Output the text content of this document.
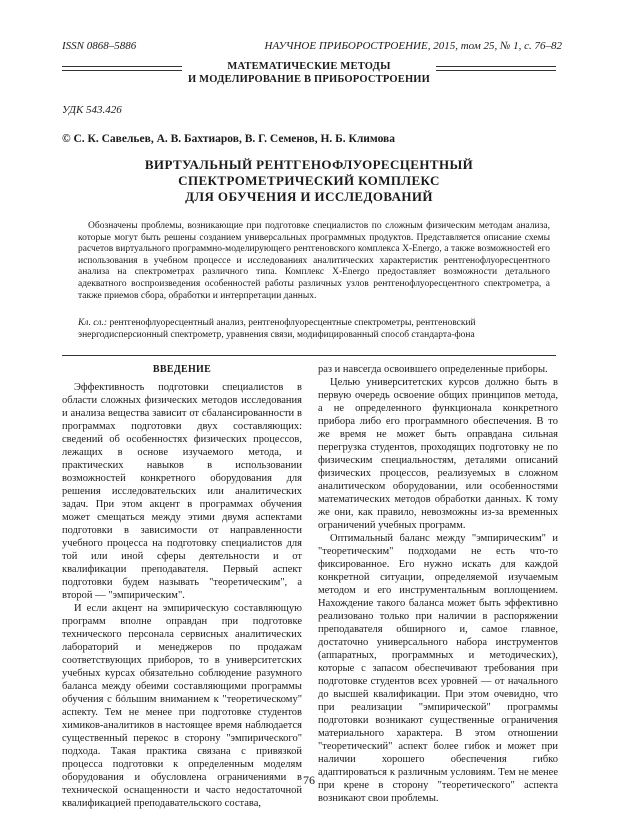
ISSN 0868–5886	НАУЧНОЕ ПРИБОРОСТРОЕНИЕ, 2015, том 25, № 1, c. 76–82
МАТЕМАТИЧЕСКИЕ МЕТОДЫ
И МОДЕЛИРОВАНИЕ В ПРИБОРОСТРОЕНИИ
УДК 543.426
© С. К. Савельев, А. В. Бахтиаров, В. Г. Семенов, Н. Б. Климова
ВИРТУАЛЬНЫЙ РЕНТГЕНОФЛУОРЕСЦЕНТНЫЙ
СПЕКТРОМЕТРИЧЕСКИЙ КОМПЛЕКС
ДЛЯ ОБУЧЕНИЯ И ИССЛЕДОВАНИЙ
Обозначены проблемы, возникающие при подготовке специалистов по сложным физическим методам анализа, которые могут быть решены созданием универсальных программных продуктов. Представляется описание схемы расчетов виртуального программно-моделирующего рентгеновского комплекса X-Energo, а также возможностей его использования в учебном процессе и исследованиях аналитических характеристик рентгенофлуоресцентного анализа на спектрометрах различного типа. Комплекс X-Energo предоставляет возможности детального адекватного воспроизведения особенностей работы различных узлов рентгенофлуоресцентного спектрометра, а также приемов сбора, обработки и интерпретации данных.
Кл. сл.: рентгенофлуоресцентный анализ, рентгенофлуоресцентные спектрометры, рентгеновский энергодисперсионный спектрометр, уравнения связи, модифицированный способ стандарта-фона

ВВЕДЕНИЕ

Эффективность подготовки специалистов в области сложных физических методов исследования и анализа вещества зависит от сбалансированности в программах подготовки двух составляющих: сведений об особенностях физических процессов, лежащих в основе изучаемого метода, и практических навыков в использовании возможностей конкретного оборудования для решения исследовательских или аналитических задач. При этом акцент в программах обучения может смещаться между этими двумя аспектами подготовки в зависимости от направленности учебного процесса на подготовку специалистов для той или иной сферы деятельности и от квалификации преподавателя. Первый аспект подготовки будем называть "теоретическим", а второй — "эмпирическим".

И если акцент на эмпирическую составляющую программ вполне оправдан при подготовке технического персонала сервисных аналитических лабораторий и менеджеров по продажам соответствующих приборов, то в университетских учебных курсах обязательно соблюдение разумного баланса между обеими составляющими программы обучения с бóльшим вниманием к "теоретическому" аспекту. Тем не менее при подготовке студентов химиков-аналитиков в настоящее время наблюдается существенный перекос в сторону "эмпирического" подхода. Такая практика связана с привязкой процесса подготовки к определенным моделям оборудования и обусловлена ограничениями в технической оснащенности и часто недостаточной квалификацией преподавательского состава,

раз и навсегда освоившего определенные приборы.

Целью университетских курсов должно быть в первую очередь освоение общих принципов метода, а не определенного функционала конкретного прибора либо его программного обеспечения. В то же время не может быть оправдана сильная перегрузка студентов, проходящих подготовку не по физическим специальностям, деталями описаний физических процессов, реализуемых в сложном аналитическом оборудовании, или особенностями математических методов обработки данных. К тому же они, как правило, невозможны из-за временных ограничений учебных программ.

Оптимальный баланс между "эмпирическим" и "теоретическим" подходами не есть что-то фиксированное. Его нужно искать для каждой конкретной ситуации, определяемой изучаемым методом и его инструментальным воплощением. Нахождение такого баланса может быть эффективно реализовано только при наличии в распоряжении преподавателя обширного и, самое главное, достаточно универсального набора инструментов (аппаратных, программных и методических), которые с запасом обеспечивают требования при подготовке студентов всех уровней — от начального до высшей квалификации. При этом очевидно, что при реализации "эмпирической" программы подготовки возникают существенные ограничения материального характера. В этом отношении "теоретический" аспект более гибок и может при наличии хорошего обеспечения гибко адаптироваться к различным условиям. Тем не менее при крене в сторону "теоретического" аспекта возникают свои проблемы.

76
